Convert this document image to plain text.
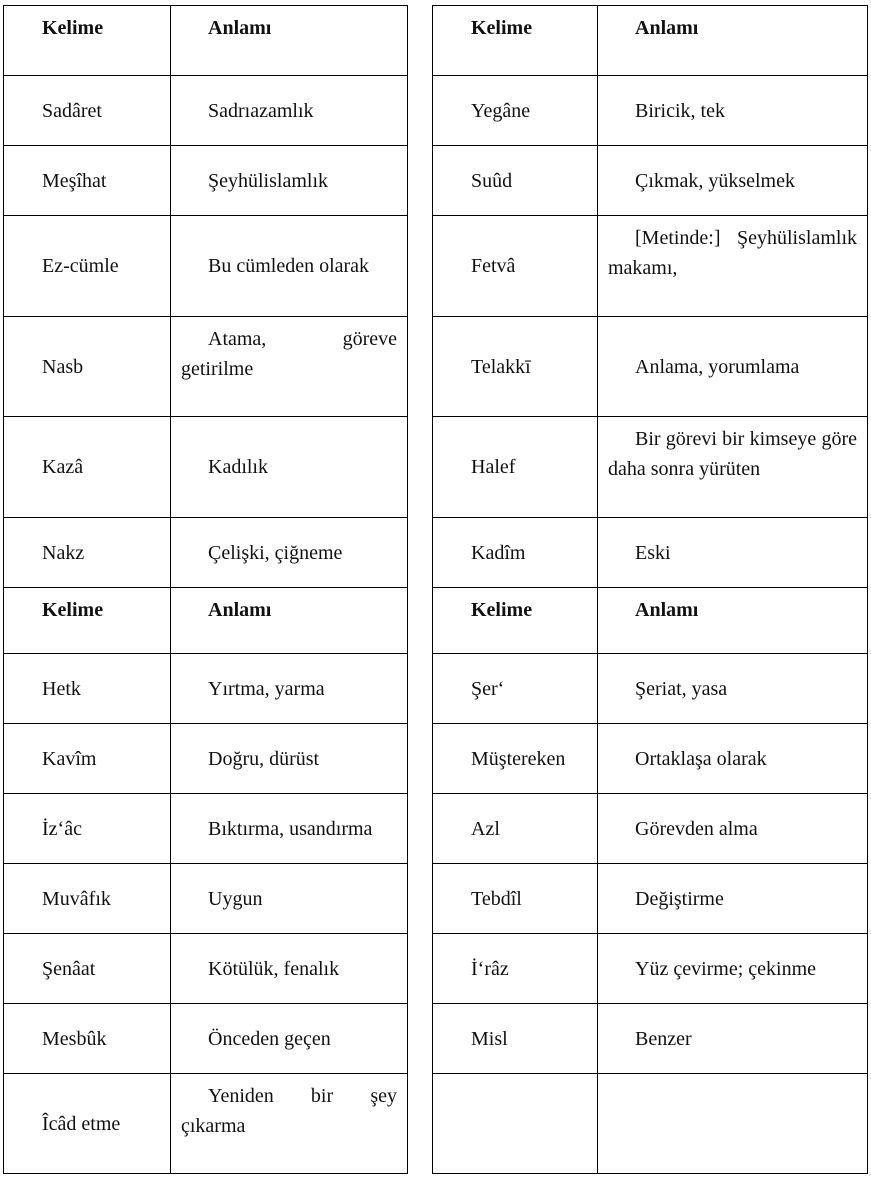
Kelime	Anlamı

Sadâret	Sadrıazamlık

Meşîhat	Şeyhülislamlık

Ez-cümle	Bu cümleden olarak

Nasb	Atama, göreve getirilme

Kazâ	Kadılık

Nakz	Çelişki, çiğneme

Kelime	Anlamı

Hetk	Yırtma, yarma

Kavîm	Doğru, dürüst

İz‘âc	Bıktırma, usandırma

Muvâfık	Uygun

Şenâat	Kötülük, fenalık

Mesbûk	Önceden geçen

Îcâd etme	Yeniden bir şey çıkarma
Kelime	Anlamı

Yegâne	Biricik, tek

Suûd	Çıkmak, yükselmek

Fetvâ	[Metinde:] Şeyhülislamlık makamı,

Telakkī	Anlama, yorumlama

Halef	Bir görevi bir kimseye göre daha sonra yürüten

Kadîm	Eski

Kelime	Anlamı

Şer‘	Şeriat, yasa

Müştereken	Ortaklaşa olarak

Azl	Görevden alma

Tebdîl	Değiştirme

İ‘râz	Yüz çevirme; çekinme

Misl	Benzer
